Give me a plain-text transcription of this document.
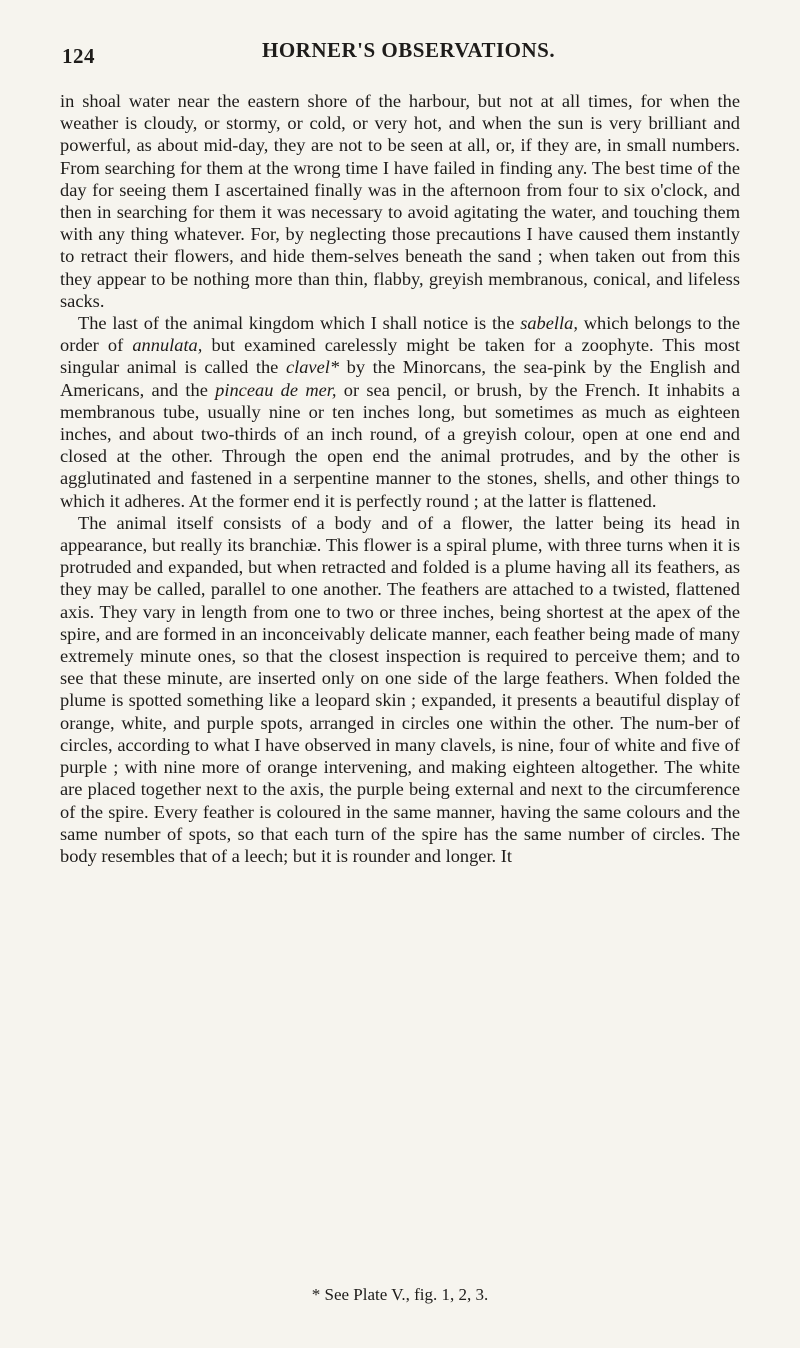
124	HORNER'S OBSERVATIONS.

in shoal water near the eastern shore of the harbour, but not at all times, for when the weather is cloudy, or stormy, or cold, or very hot, and when the sun is very brilliant and powerful, as about mid-day, they are not to be seen at all, or, if they are, in small numbers. From searching for them at the wrong time I have failed in finding any. The best time of the day for seeing them I ascertained finally was in the afternoon from four to six o'clock, and then in searching for them it was necessary to avoid agitating the water, and touching them with any thing whatever. For, by neglecting those precautions I have caused them instantly to retract their flowers, and hide them-selves beneath the sand ; when taken out from this they appear to be nothing more than thin, flabby, greyish membranous, conical, and lifeless sacks.

The last of the animal kingdom which I shall notice is the sabella, which belongs to the order of annulata, but examined carelessly might be taken for a zoophyte. This most singular animal is called the clavel* by the Minorcans, the sea-pink by the English and Americans, and the pinceau de mer, or sea pencil, or brush, by the French. It inhabits a membranous tube, usually nine or ten inches long, but sometimes as much as eighteen inches, and about two-thirds of an inch round, of a greyish colour, open at one end and closed at the other. Through the open end the animal protrudes, and by the other is agglutinated and fastened in a serpentine manner to the stones, shells, and other things to which it adheres. At the former end it is perfectly round ; at the latter is flattened.

The animal itself consists of a body and of a flower, the latter being its head in appearance, but really its branchiæ. This flower is a spiral plume, with three turns when it is protruded and expanded, but when retracted and folded is a plume having all its feathers, as they may be called, parallel to one another. The feathers are attached to a twisted, flattened axis. They vary in length from one to two or three inches, being shortest at the apex of the spire, and are formed in an inconceivably delicate manner, each feather being made of many extremely minute ones, so that the closest inspection is required to perceive them; and to see that these minute, are inserted only on one side of the large feathers. When folded the plume is spotted something like a leopard skin ; expanded, it presents a beautiful display of orange, white, and purple spots, arranged in circles one within the other. The num-ber of circles, according to what I have observed in many clavels, is nine, four of white and five of purple ; with nine more of orange intervening, and making eighteen altogether. The white are placed together next to the axis, the purple being external and next to the circumference of the spire. Every feather is coloured in the same manner, having the same colours and the same number of spots, so that each turn of the spire has the same number of circles. The body resembles that of a leech; but it is rounder and longer. It

* See Plate V., fig. 1, 2, 3.
